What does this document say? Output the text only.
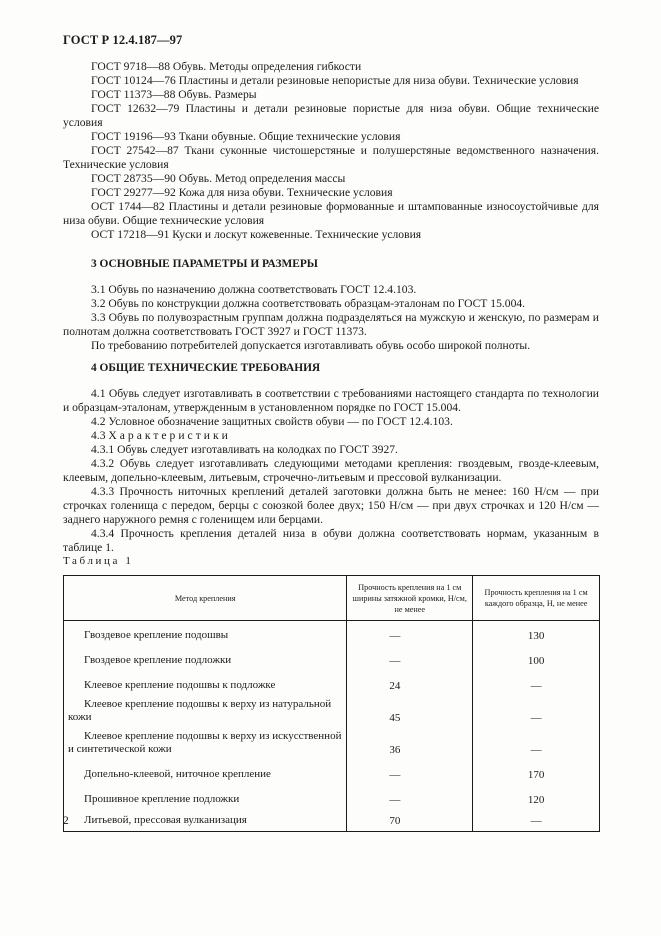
ГОСТ Р 12.4.187—97

ГОСТ 9718—88 Обувь. Методы определения гибкости

ГОСТ 10124—76 Пластины и детали резиновые непористые для низа обуви. Технические условия

ГОСТ 11373—88 Обувь. Размеры

ГОСТ 12632—79 Пластины и детали резиновые пористые для низа обуви. Общие технические условия

ГОСТ 19196—93 Ткани обувные. Общие технические условия

ГОСТ 27542—87 Ткани суконные чистошерстяные и полушерстяные ведомственного назначения. Технические условия

ГОСТ 28735—90 Обувь. Метод определения массы

ГОСТ 29277—92 Кожа для низа обуви. Технические условия

ОСТ 1744—82 Пластины и детали резиновые формованные и штампованные изноcоустойчивые для низа обуви. Общие технические условия

ОСТ 17218—91 Куски и лоскут кожевенные. Технические условия

3 ОСНОВНЫЕ ПАРАМЕТРЫ И РАЗМЕРЫ

3.1 Обувь по назначению должна соответствовать ГОСТ 12.4.103.

3.2 Обувь по конструкции должна соответствовать образцам-эталонам по ГОСТ 15.004.

3.3 Обувь по полувозрастным группам должна подразделяться на мужскую и женскую, по размерам и полнотам должна соответствовать ГОСТ 3927 и ГОСТ 11373.

По требованию потребителей допускается изготавливать обувь особо широкой полноты.

4 ОБЩИЕ ТЕХНИЧЕСКИЕ ТРЕБОВАНИЯ

4.1 Обувь следует изготавливать в соответствии с требованиями настоящего стандарта по технологии и образцам-эталонам, утвержденным в установленном порядке по ГОСТ 15.004.

4.2 Условное обозначение защитных свойств обуви — по ГОСТ 12.4.103.

4.3 Характеристики

4.3.1 Обувь следует изготавливать на колодках по ГОСТ 3927.

4.3.2 Обувь следует изготавливать следующими методами крепления: гвоздевым, гвозде-клеевым, клеевым, допельно-клеевым, литьевым, строчечно-литьевым и прессовой вулканизации.

4.3.3 Прочность ниточных креплений деталей заготовки должна быть не менее: 160 Н/см — при строчках голенища с передом, берцы с союзкой более двух; 150 Н/см — при двух строчках и 120 Н/см — заднего наружного ремня с голенищем или берцами.

4.3.4 Прочность крепления деталей низа в обуви должна соответствовать нормам, указанным в таблице 1.

Таблица 1
Метод крепления	Прочность крепления на 1 см ширины затяжной кромки, Н/см, не менее	Прочность крепления на 1 см каждого образца, Н, не менее
Гвоздевое крепление подошвы	—	130
Гвоздевое крепление подложки	—	100
Клеевое крепление подошвы к подложке	24	—
Клеевое крепление подошвы к верху из натуральной кожи	45	—
Клеевое крепление подошвы к верху из искусственной и синтетической кожи	36	—
Допельно-клеевой, ниточное крепление	—	170
Прошивное крепление подложки	—	120
Литьевой, прессовая вулканизация	70	—
2
